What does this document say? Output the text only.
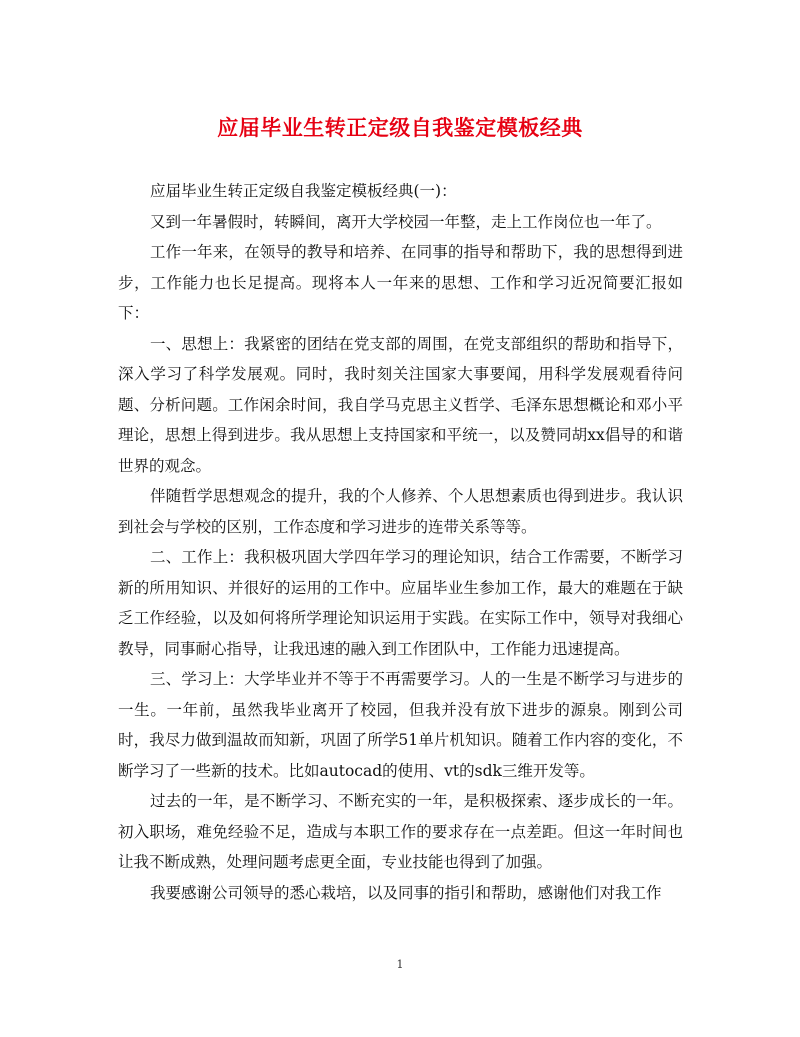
应届毕业生转正定级自我鉴定模板经典

应届毕业生转正定级自我鉴定模板经典(一)：

又到一年暑假时，转瞬间，离开大学校园一年整，走上工作岗位也一年了。

工作一年来，在领导的教导和培养、在同事的指导和帮助下，我的思想得到进步，工作能力也长足提高。现将本人一年来的思想、工作和学习近况简要汇报如下：

一、思想上：我紧密的团结在党支部的周围，在党支部组织的帮助和指导下，深入学习了科学发展观。同时，我时刻关注国家大事要闻，用科学发展观看待问题、分析问题。工作闲余时间，我自学马克思主义哲学、毛泽东思想概论和邓小平理论，思想上得到进步。我从思想上支持国家和平统一，以及赞同胡xx倡导的和谐世界的观念。

伴随哲学思想观念的提升，我的个人修养、个人思想素质也得到进步。我认识到社会与学校的区别，工作态度和学习进步的连带关系等等。

二、工作上：我积极巩固大学四年学习的理论知识，结合工作需要，不断学习新的所用知识、并很好的运用的工作中。应届毕业生参加工作，最大的难题在于缺乏工作经验，以及如何将所学理论知识运用于实践。在实际工作中，领导对我细心教导，同事耐心指导，让我迅速的融入到工作团队中，工作能力迅速提高。

三、学习上：大学毕业并不等于不再需要学习。人的一生是不断学习与进步的一生。一年前，虽然我毕业离开了校园，但我并没有放下进步的源泉。刚到公司时，我尽力做到温故而知新，巩固了所学51单片机知识。随着工作内容的变化，不断学习了一些新的技术。比如autocad的使用、vt的sdk三维开发等。

过去的一年，是不断学习、不断充实的一年，是积极探索、逐步成长的一年。初入职场，难免经验不足，造成与本职工作的要求存在一点差距。但这一年时间也让我不断成熟，处理问题考虑更全面，专业技能也得到了加强。

我要感谢公司领导的悉心栽培，以及同事的指引和帮助，感谢他们对我工作

1
